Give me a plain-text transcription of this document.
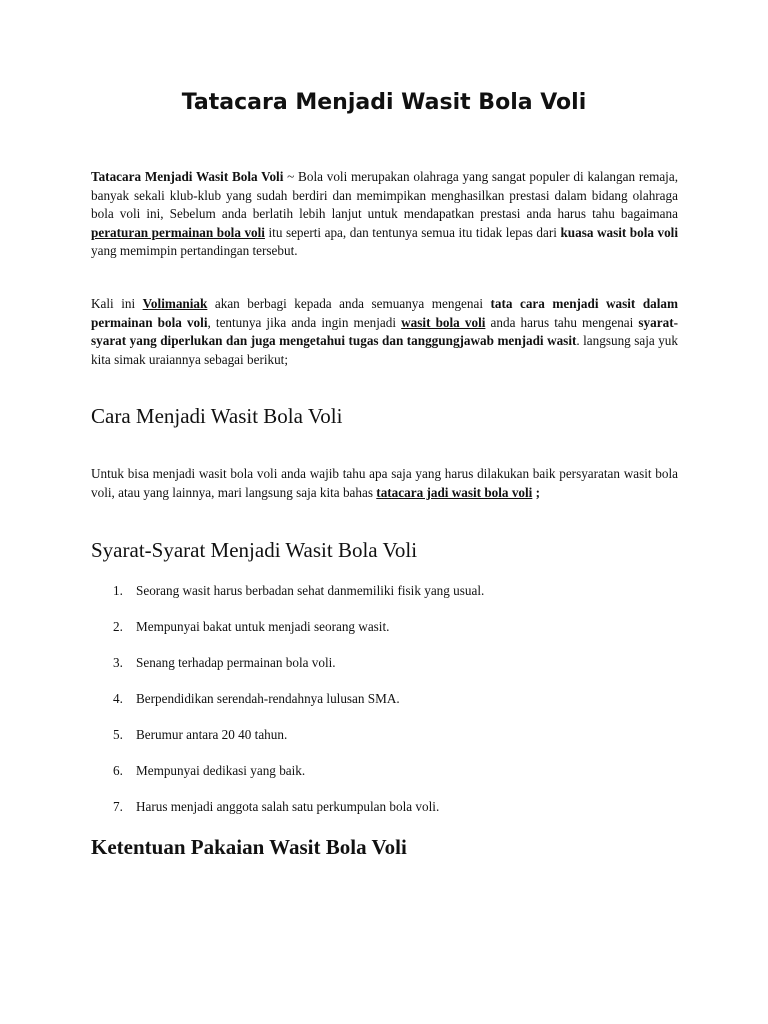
Tatacara Menjadi Wasit Bola Voli

Tatacara Menjadi Wasit Bola Voli ~ Bola voli merupakan olahraga yang sangat populer di kalangan remaja, banyak sekali klub-klub yang sudah berdiri dan memimpikan menghasilkan prestasi dalam bidang olahraga bola voli ini, Sebelum anda berlatih lebih lanjut untuk mendapatkan prestasi anda harus tahu bagaimana peraturan permainan bola voli itu seperti apa, dan tentunya semua itu tidak lepas dari kuasa wasit bola voli yang memimpin pertandingan tersebut.

Kali ini Volimaniak akan berbagi kepada anda semuanya mengenai tata cara menjadi wasit dalam permainan bola voli, tentunya jika anda ingin menjadi wasit bola voli anda harus tahu mengenai syarat-syarat yang diperlukan dan juga mengetahui tugas dan tanggungjawab menjadi wasit. langsung saja yuk kita simak uraiannya sebagai berikut;

Cara Menjadi Wasit Bola Voli

Untuk bisa menjadi wasit bola voli anda wajib tahu apa saja yang harus dilakukan baik persyaratan wasit bola voli, atau yang lainnya, mari langsung saja kita bahas tatacara jadi wasit bola voli ;

Syarat-Syarat Menjadi Wasit Bola Voli
1. Seorang wasit harus berbadan sehat danmemiliki fisik yang usual.
2. Mempunyai bakat untuk menjadi seorang wasit.
3. Senang terhadap permainan bola voli.
4. Berpendidikan serendah-rendahnya lulusan SMA.
5. Berumur antara 20 40 tahun.
6. Mempunyai dedikasi yang baik.
7. Harus menjadi anggota salah satu perkumpulan bola voli.
Ketentuan Pakaian Wasit Bola Voli
